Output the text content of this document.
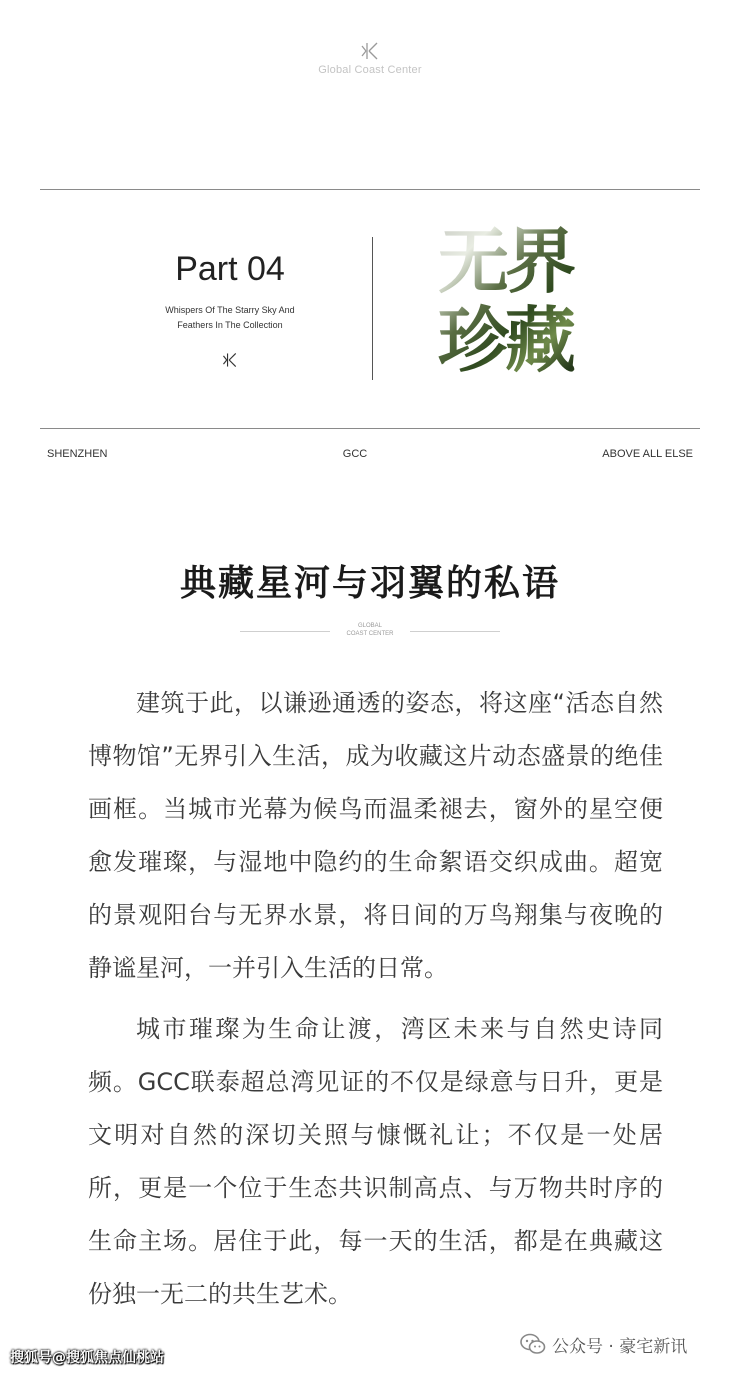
Global Coast Center
Part 04
Whispers Of The Starry Sky And
Feathers In The Collection
无界
珍藏
SHENZHEN	GCC	ABOVE ALL ELSE
典藏星河与羽翼的私语
GLOBAL
COAST CENTER

建筑于此，以谦逊通透的姿态，将这座“活态自然博物馆”无界引入生活，成为收藏这片动态盛景的绝佳画框。当城市光幕为候鸟而温柔褪去，窗外的星空便愈发璀璨，与湿地中隐约的生命絮语交织成曲。超宽的景观阳台与无界水景，将日间的万鸟翔集与夜晚的静谧星河，一并引入生活的日常。

城市璀璨为生命让渡，湾区未来与自然史诗同频。GCC联泰超总湾见证的不仅是绿意与日升，更是文明对自然的深切关照与慷慨礼让；不仅是一处居所，更是一个位于生态共识制高点、与万物共时序的生命主场。居住于此，每一天的生活，都是在典藏这份独一无二的共生艺术。

搜狐号@搜狐焦点仙桃站
公众号 · 豪宅新讯
